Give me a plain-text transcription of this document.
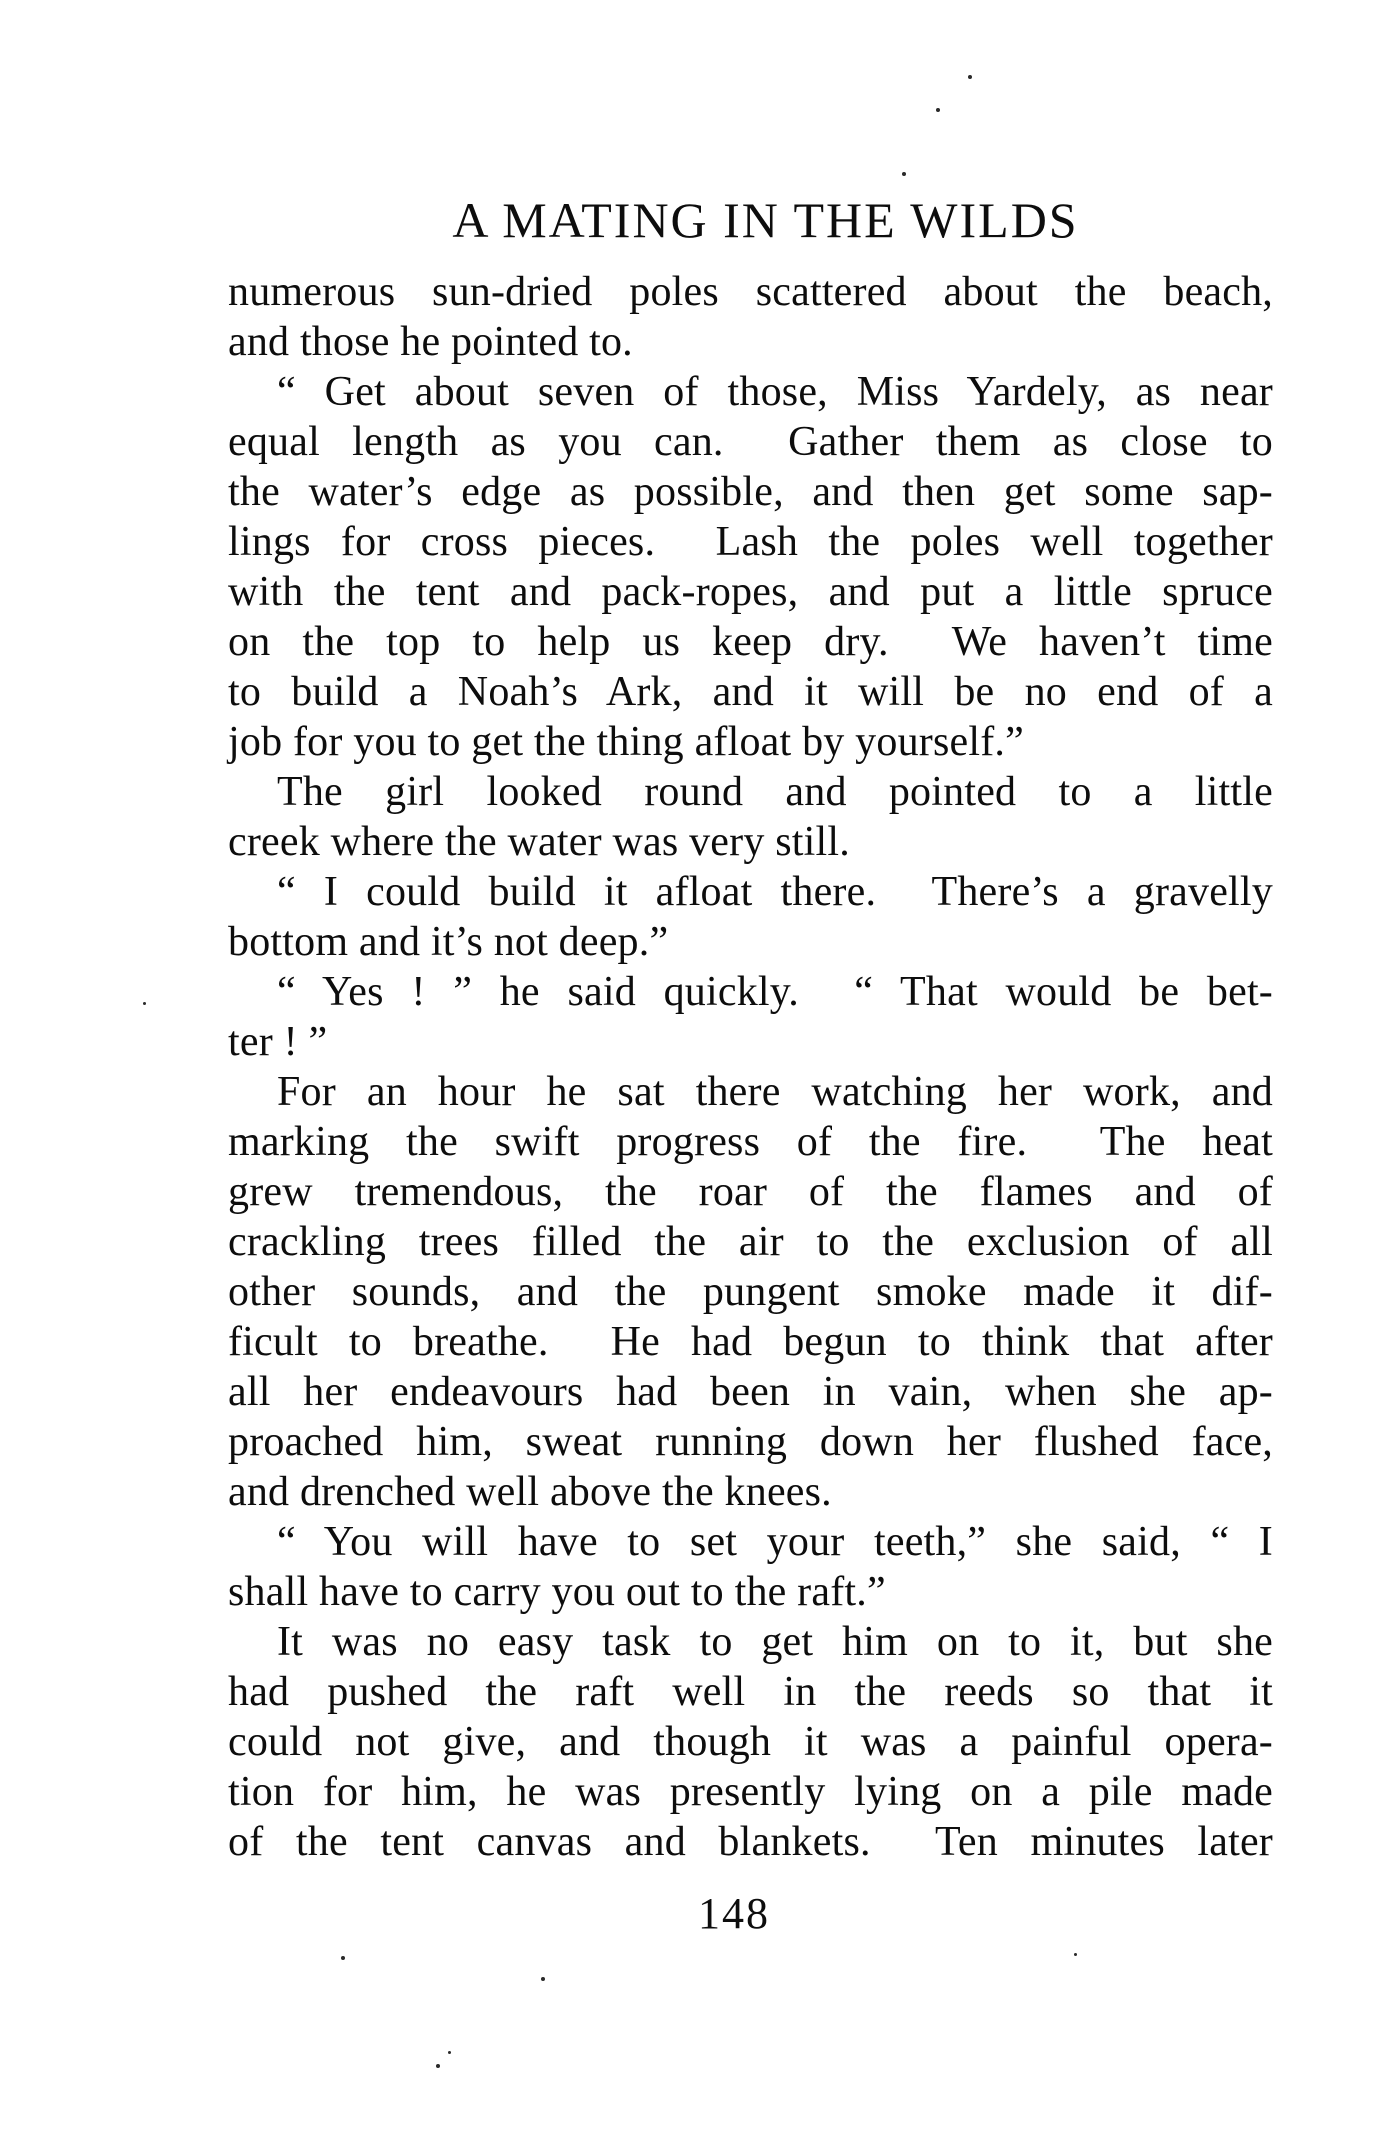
A MATING IN THE WILDS
numerous sun-dried poles scattered about the beach,
and those he pointed to.
“ Get about seven of those, Miss Yardely, as near
equal length as you can.  Gather them as close to
the water’s edge as possible, and then get some sap-
lings for cross pieces.  Lash the poles well together
with the tent and pack-ropes, and put a little spruce
on the top to help us keep dry.  We haven’t time
to build a Noah’s Ark, and it will be no end of a
job for you to get the thing afloat by yourself.”
The girl looked round and pointed to a little
creek where the water was very still.
“ I could build it afloat there.  There’s a gravelly
bottom and it’s not deep.”
“ Yes ! ” he said quickly.  “ That would be bet-
ter ! ”
For an hour he sat there watching her work, and
marking the swift progress of the fire.  The heat
grew tremendous, the roar of the flames and of
crackling trees filled the air to the exclusion of all
other sounds, and the pungent smoke made it dif-
ficult to breathe.  He had begun to think that after
all her endeavours had been in vain, when she ap-
proached him, sweat running down her flushed face,
and drenched well above the knees.
“ You will have to set your teeth,” she said, “ I
shall have to carry you out to the raft.”
It was no easy task to get him on to it, but she
had pushed the raft well in the reeds so that it
could not give, and though it was a painful opera-
tion for him, he was presently lying on a pile made
of the tent canvas and blankets.  Ten minutes later
148
